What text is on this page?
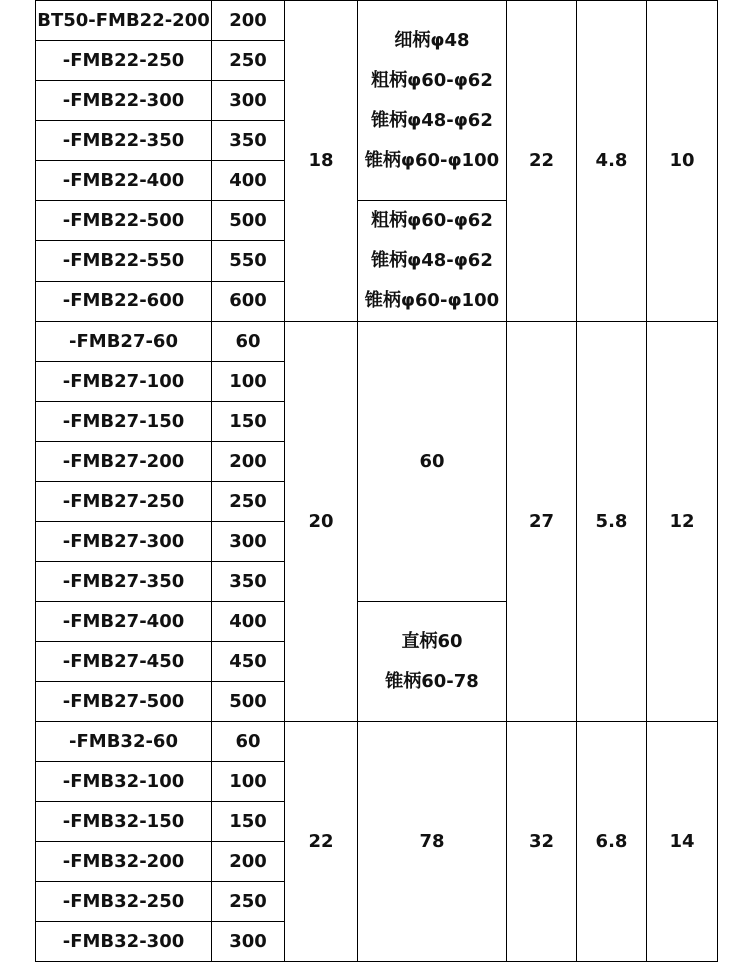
BT50-FMB22-200	200	18	细柄φ48
粗柄φ60-φ62
锥柄φ48-φ62
锥柄φ60-φ100	22	4.8	10
-FMB22-250	250					
-FMB22-300	300					
-FMB22-350	350					
-FMB22-400	400					
-FMB22-500	500		粗柄φ60-φ62
锥柄φ48-φ62
锥柄φ60-φ100			

-FMB22-550	550					
-FMB22-600	600					
-FMB27-60	60	20	60	27	5.8	12
-FMB27-100	100					
-FMB27-150	150					
-FMB27-200	200					
-FMB27-250	250					
-FMB27-300	300					
-FMB27-350	350					
-FMB27-400	400		直柄60
锥柄60-78			

-FMB27-450	450					
-FMB27-500	500					
-FMB32-60	60	22	78	32	6.8	14
-FMB32-100	100					
-FMB32-150	150					
-FMB32-200	200					
-FMB32-250	250					
-FMB32-300	300					
